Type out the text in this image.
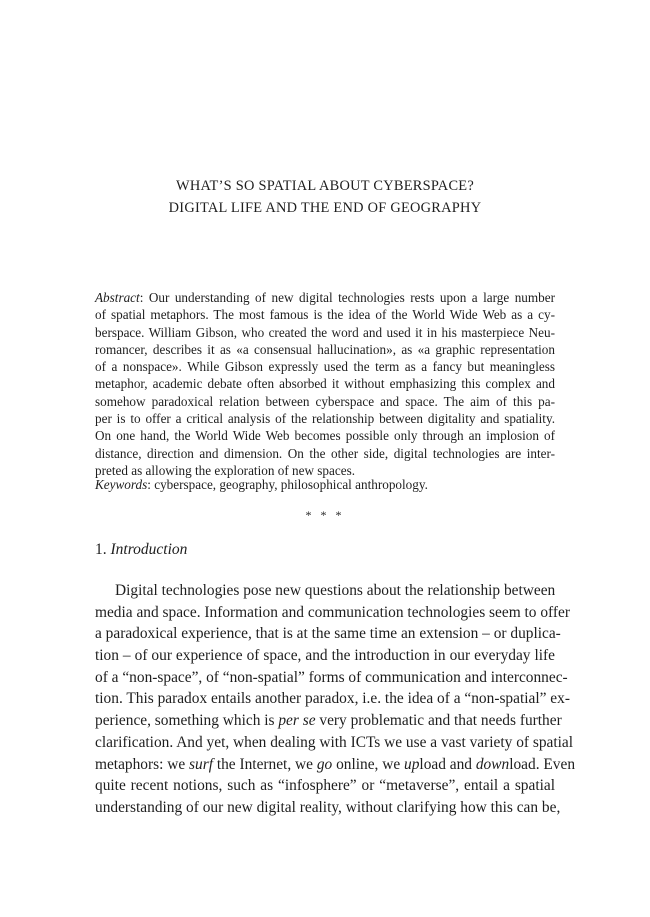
WHAT’S SO SPATIAL ABOUT CYBERSPACE?
DIGITAL LIFE AND THE END OF GEOGRAPHY
Abstract: Our understanding of new digital technologies rests upon a large number
of spatial metaphors. The most famous is the idea of the World Wide Web as a cy-
berspace. William Gibson, who created the word and used it in his masterpiece Neu-
romancer, describes it as «a consensual hallucination», as «a graphic representation
of a nonspace». While Gibson expressly used the term as a fancy but meaningless
metaphor, academic debate often absorbed it without emphasizing this complex and
somehow paradoxical relation between cyberspace and space. The aim of this pa-
per is to offer a critical analysis of the relationship between digitality and spatiality.
On one hand, the World Wide Web becomes possible only through an implosion of
distance, direction and dimension. On the other side, digital technologies are inter-
preted as allowing the exploration of new spaces.
Keywords: cyberspace, geography, philosophical anthropology.
* * *
1. Introduction
Digital technologies pose new questions about the relationship between
media and space. Information and communication technologies seem to offer
a paradoxical experience, that is at the same time an extension – or duplica-
tion – of our experience of space, and the introduction in our everyday life
of a “non-space”, of “non-spatial” forms of communication and interconnec-
tion. This paradox entails another paradox, i.e. the idea of a “non-spatial” ex-
perience, something which is per se very problematic and that needs further
clarification. And yet, when dealing with ICTs we use a vast variety of spatial
metaphors: we surf the Internet, we go online, we upload and download. Even
quite recent notions, such as “infosphere” or “metaverse”, entail a spatial
understanding of our new digital reality, without clarifying how this can be,
